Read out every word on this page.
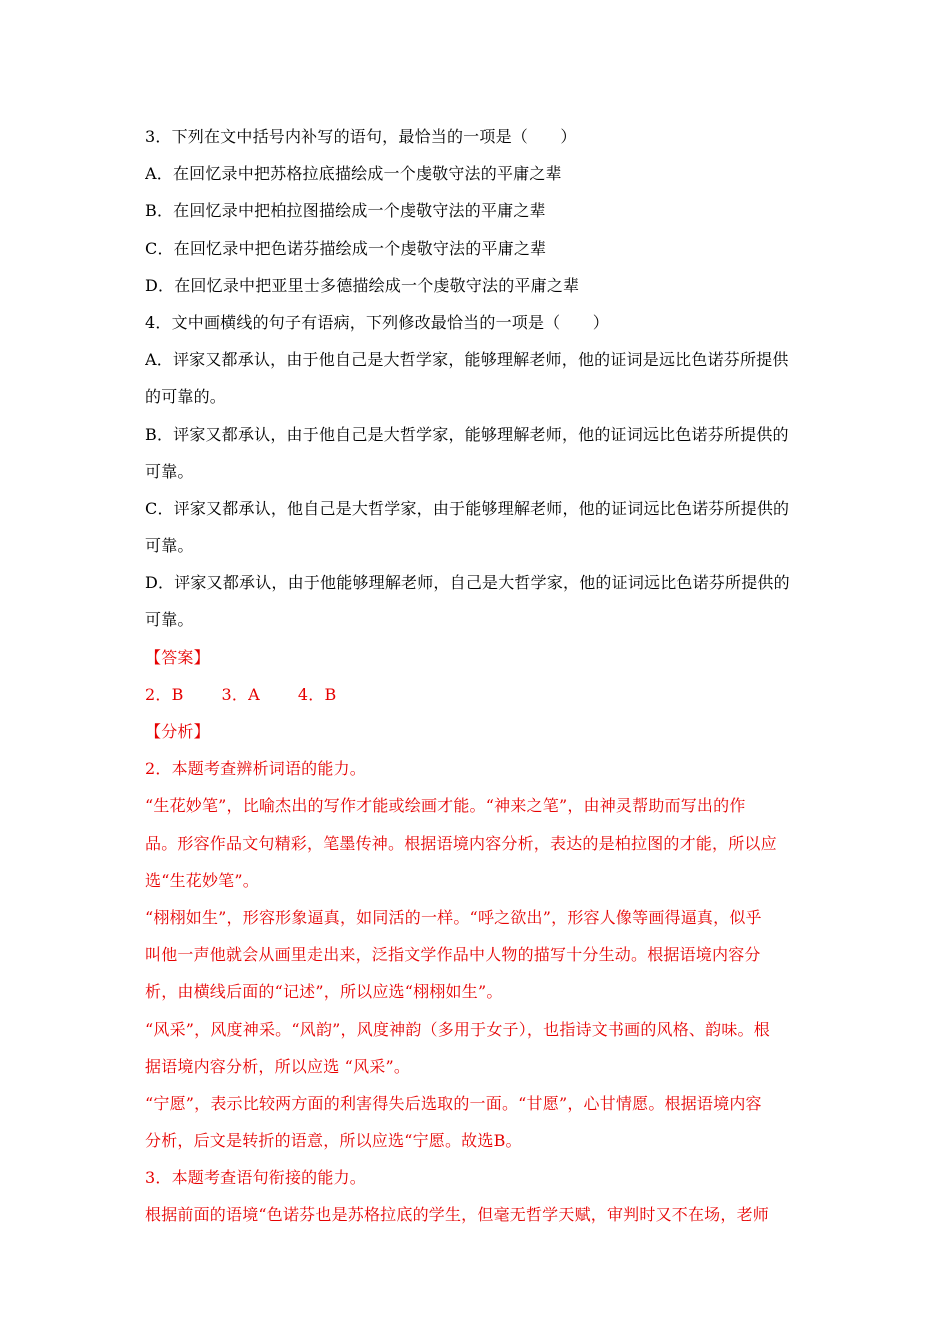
3．下列在文中括号内补写的语句，最恰当的一项是（　　）
A．在回忆录中把苏格拉底描绘成一个虔敬守法的平庸之辈
B．在回忆录中把柏拉图描绘成一个虔敬守法的平庸之辈
C．在回忆录中把色诺芬描绘成一个虔敬守法的平庸之辈
D．在回忆录中把亚里士多德描绘成一个虔敬守法的平庸之辈
4．文中画横线的句子有语病，下列修改最恰当的一项是（　　）
A．评家又都承认，由于他自己是大哲学家，能够理解老师，他的证词是远比色诺芬所提供
的可靠的。
B．评家又都承认，由于他自己是大哲学家，能够理解老师，他的证词远比色诺芬所提供的
可靠。
C．评家又都承认，他自己是大哲学家，由于能够理解老师，他的证词远比色诺芬所提供的
可靠。
D．评家又都承认，由于他能够理解老师，自己是大哲学家，他的证词远比色诺芬所提供的
可靠。
【答案】
2．B 3．A 4．B
【分析】
2．本题考查辨析词语的能力。
“生花妙笔”，比喻杰出的写作才能或绘画才能。“神来之笔”，由神灵帮助而写出的作
品。形容作品文句精彩，笔墨传神。根据语境内容分析，表达的是柏拉图的才能，所以应
选“生花妙笔”。
“栩栩如生”，形容形象逼真，如同活的一样。“呼之欲出”，形容人像等画得逼真，似乎
叫他一声他就会从画里走出来，泛指文学作品中人物的描写十分生动。根据语境内容分
析，由横线后面的“记述”，所以应选“栩栩如生”。
“风采”，风度神采。“风韵”，风度神韵（多用于女子），也指诗文书画的风格、韵味。根
据语境内容分析，所以应选 “风采”。
“宁愿”，表示比较两方面的利害得失后选取的一面。“甘愿”，心甘情愿。根据语境内容
分析，后文是转折的语意，所以应选“宁愿。故选B。
3．本题考查语句衔接的能力。
根据前面的语境“色诺芬也是苏格拉底的学生，但毫无哲学天赋，审判时又不在场，老师
